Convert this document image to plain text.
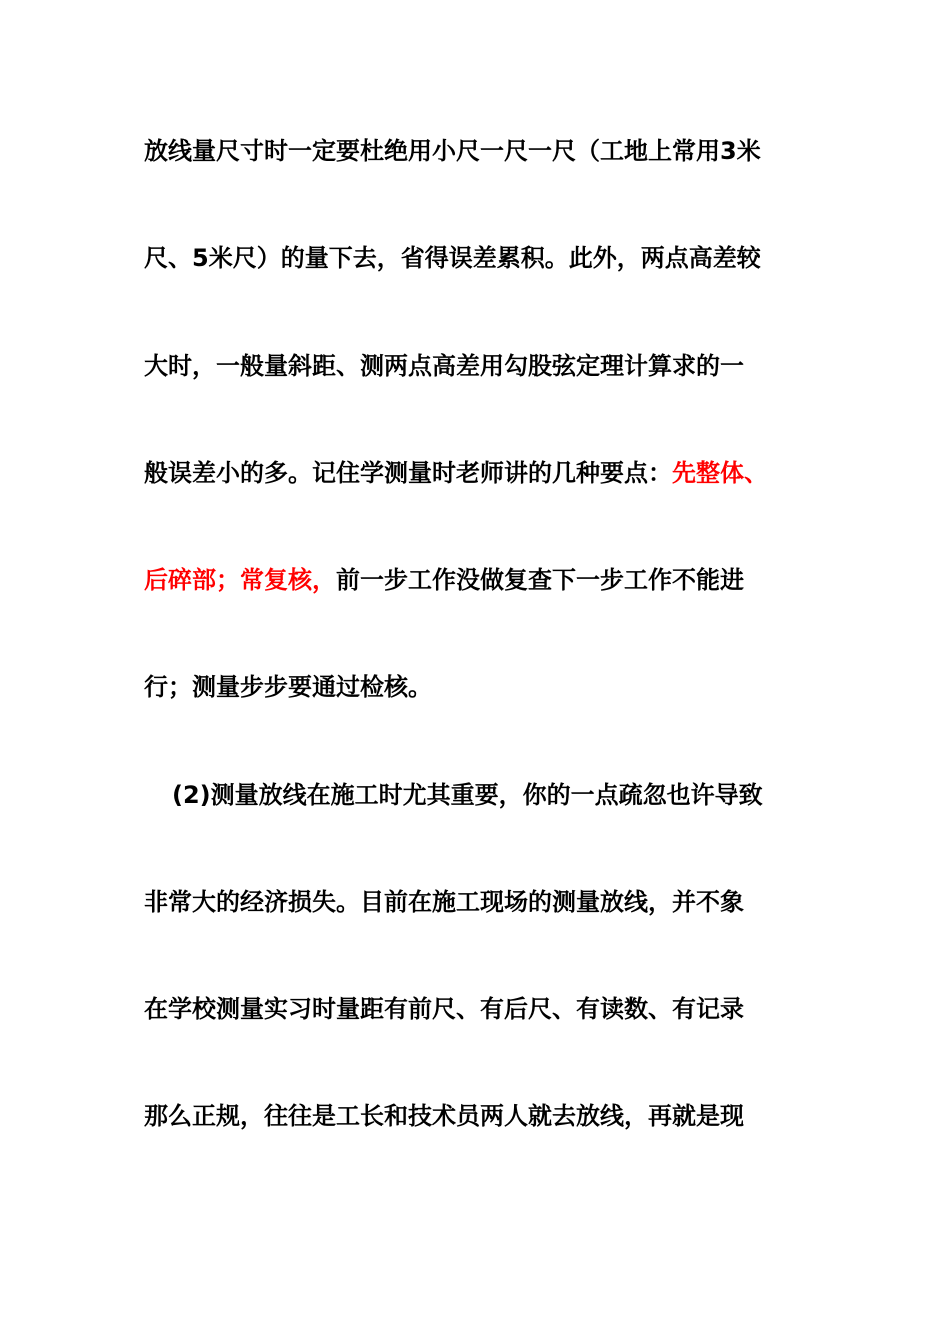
放线量尺寸时一定要杜绝用小尺一尺一尺（工地上常用3米
尺、5米尺）的量下去，省得误差累积。此外，两点高差较
大时，一般量斜距、测两点高差用勾股弦定理计算求的一
般误差小的多。记住学测量时老师讲的几种要点：先整体、
后碎部；常复核，前一步工作没做复查下一步工作不能进
行；测量步步要通过检核。
(2)测量放线在施工时尤其重要，你的一点疏忽也许导致
非常大的经济损失。目前在施工现场的测量放线，并不象
在学校测量实习时量距有前尺、有后尺、有读数、有记录
那么正规，往往是工长和技术员两人就去放线，再就是现
